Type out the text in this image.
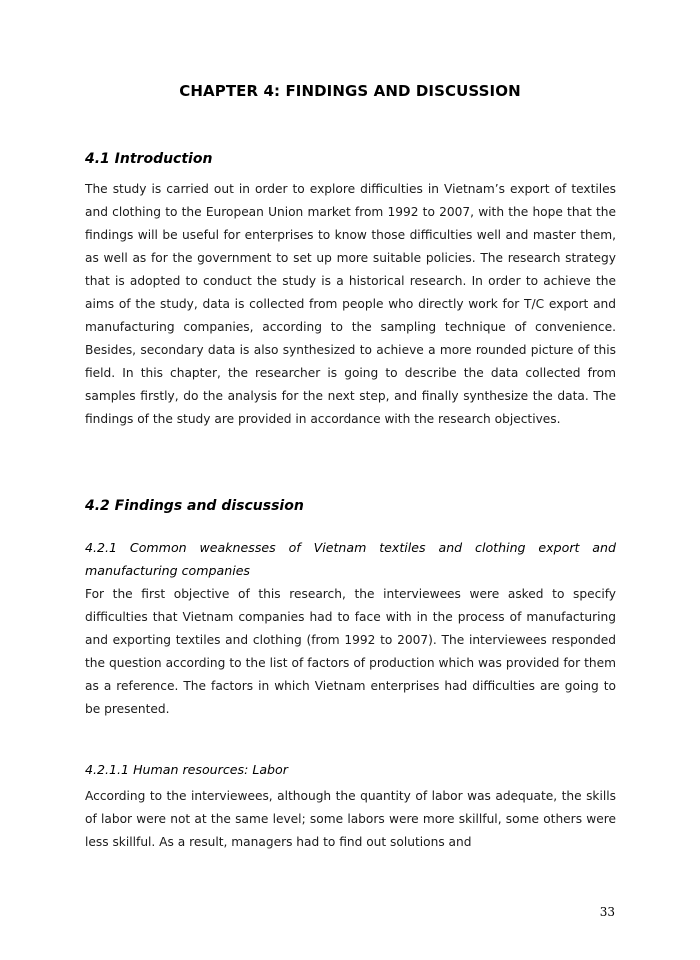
CHAPTER 4: FINDINGS AND DISCUSSION
4.1 Introduction
The study is carried out in order to explore difficulties in Vietnam’s export of textiles and clothing to the European Union market from 1992 to 2007, with the hope that the findings will be useful for enterprises to know those difficulties well and master them, as well as for the government to set up more suitable policies. The research strategy that is adopted to conduct the study is a historical research. In order to achieve the aims of the study, data is collected from people who directly work for T/C export and manufacturing companies, according to the sampling technique of convenience. Besides, secondary data is also synthesized to achieve a more rounded picture of this field. In this chapter, the researcher is going to describe the data collected from samples firstly, do the analysis for the next step, and finally synthesize the data. The findings of the study are provided in accordance with the research objectives.
4.2 Findings and discussion
4.2.1 Common weaknesses of Vietnam textiles and clothing export and manufacturing companies
For the first objective of this research, the interviewees were asked to specify difficulties that Vietnam companies had to face with in the process of manufacturing and exporting textiles and clothing (from 1992 to 2007). The interviewees responded the question according to the list of factors of production which was provided for them as a reference. The factors in which Vietnam enterprises had difficulties are going to be presented.
4.2.1.1 Human resources: Labor
According to the interviewees, although the quantity of labor was adequate, the skills of labor were not at the same level; some labors were more skillful, some others were less skillful. As a result, managers had to find out solutions and
33
